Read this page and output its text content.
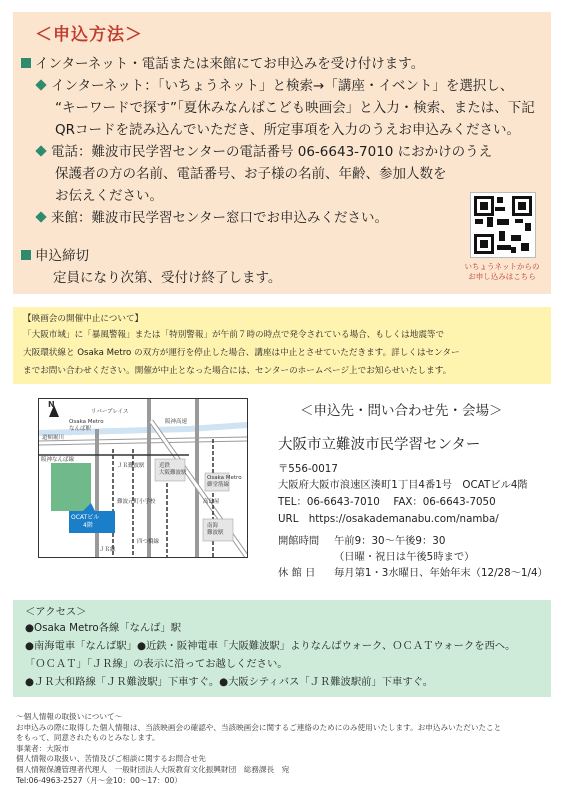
＜申込方法＞
インターネット・電話または来館にてお申込みを受け付けます。
インターネット：「いちょうネット」と検索→「講座・イベント」を選択し、
“キーワードで探す”「夏休みなんばこども映画会」と入力・検索、または、下記
QRコードを読み込んでいただき、所定事項を入力のうえお申込みください。
電話：難波市民学習センターの電話番号 06-6643-7010 におかけのうえ
保護者の方の名前、電話番号、お子様の名前、年齢、参加人数を
お伝えください。
来館：難波市民学習センター窓口でお申込みください。
申込締切
定員になり次第、受付け終了します。
いちょうネットからの
お申し込みはこちら
【映画会の開催中止について】
「大阪市域」に「暴風警報」または「特別警報」が午前７時の時点で発令されている場合、もしくは地震等で
大阪環状線と Osaka Metro の双方が運行を停止した場合、講座は中止とさせていただきます。詳しくはセンター
までお問い合わせください。開催が中止となった場合には、センターのホームページ上でお知らせいたします。
N
Osaka Metro
なんば駅
阪神なんば線
リバープレイス
阪神高速
道頓堀川
ＪＲ難波駅	近鉄
大阪難波駅
Osaka Metro
御堂筋線
高島屋
南海
難波駅
難波元町小学校
四つ橋線
ＪＲ線
OCATビル
4階
＜申込先・問い合わせ先・会場＞
大阪市立難波市民学習センター
〒556-0017
大阪府大阪市浪速区湊町1丁目4番1号　OCATビル4階
TEL：06-6643-7010　 FAX：06-6643-7050
URL　https://osakademanabu.com/namba/
開館時間 午前9：30～午後9：30
（日曜・祝日は午後5時まで）
休 館 日 毎月第1・3水曜日、年始年末（12/28～1/4）
＜アクセス＞
●Osaka Metro各線「なんば」駅
●南海電車「なんば駅」●近鉄・阪神電車「大阪難波駅」よりなんばウォーク、ＯＣＡＴウォークを西へ。
「ＯＣＡＴ」「ＪＲ線」の表示に沿ってお越しください。
●ＪＲ大和路線「ＪＲ難波駅」下車すぐ。●大阪シティバス「ＪＲ難波駅前」下車すぐ。
～個人情報の取扱いについて～
お申込みの際に取得した個人情報は、当該映画会の確認や、当該映画会に関するご連絡のためにのみ使用いたします。お申込みいただいたこと
をもって、同意されたものとみなします。
事業者：大阪市
個人情報の取扱い、苦情及びご相談に関するお問合せ先
個人情報保護管理者代理人　一般財団法人大阪教育文化振興財団　総務課長　宛
Tel:06-4963-2527（月～金10：00～17：00）
